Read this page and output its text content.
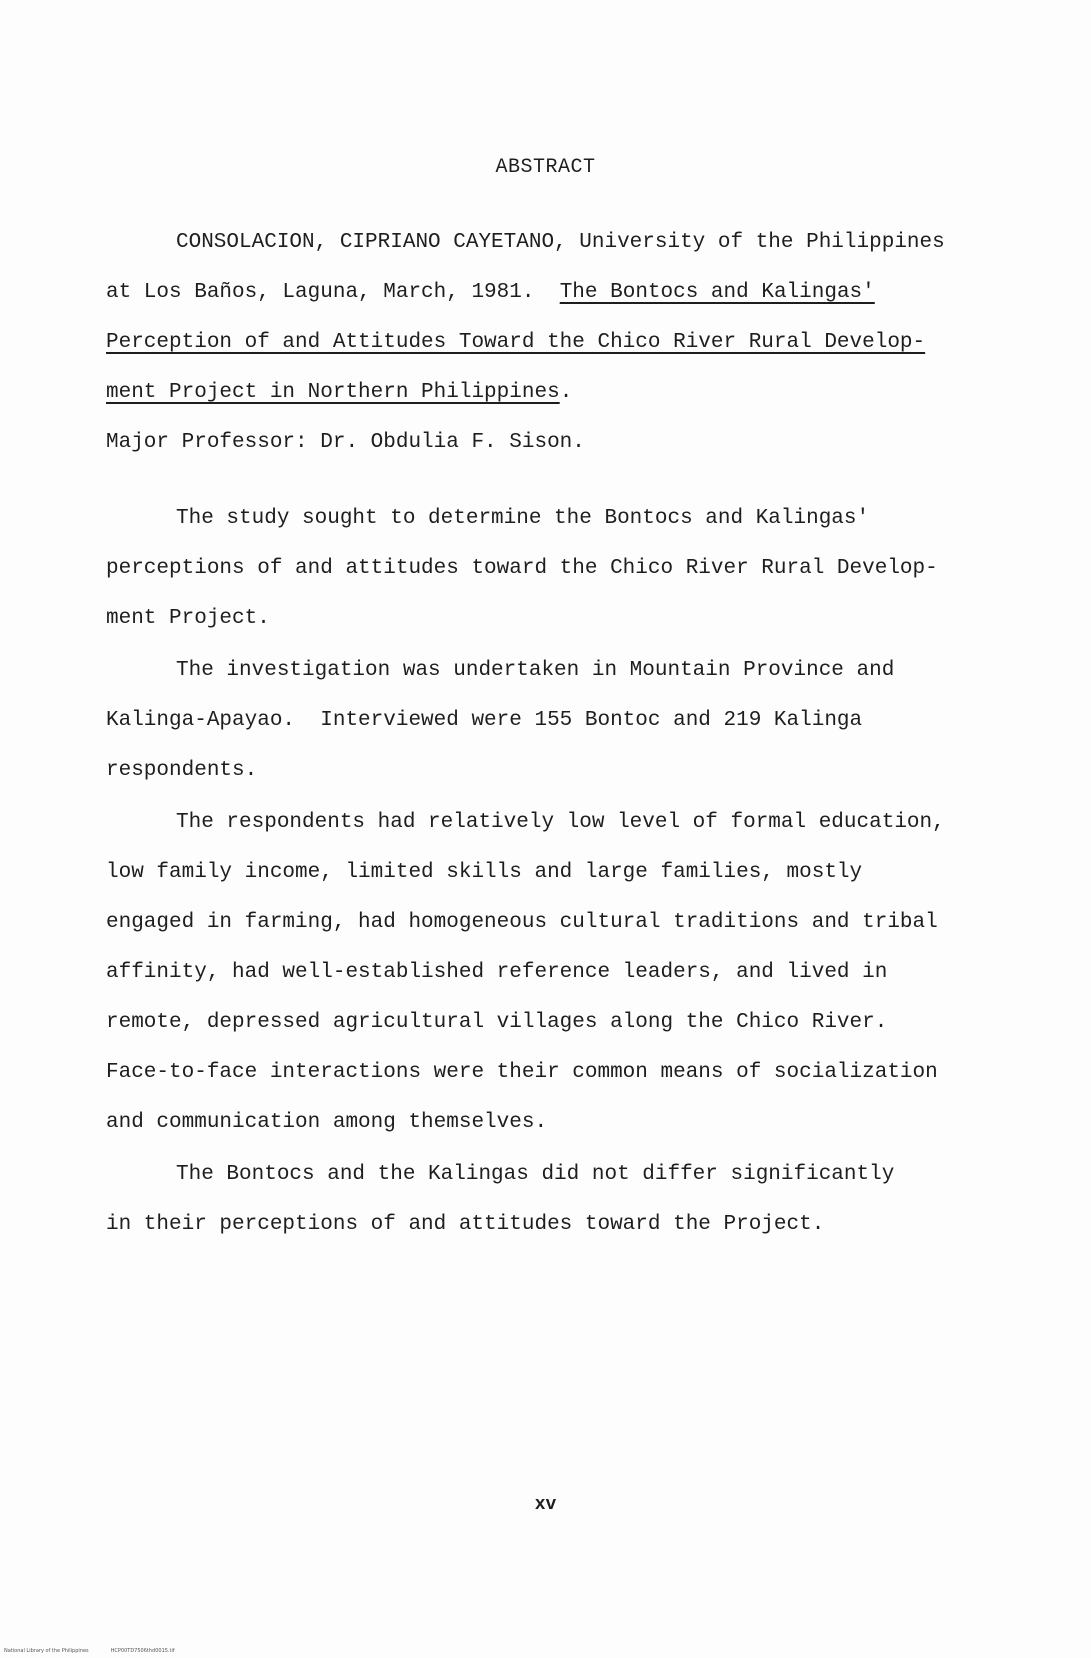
ABSTRACT
CONSOLACION, CIPRIANO CAYETANO, University of the Philippines
at Los Baños, Laguna, March, 1981. The Bontocs and Kalingas'
Perception of and Attitudes Toward the Chico River Rural Develop-
ment Project in Northern Philippines.
Major Professor: Dr. Obdulia F. Sison.
The study sought to determine the Bontocs and Kalingas'
perceptions of and attitudes toward the Chico River Rural Develop-
ment Project.
The investigation was undertaken in Mountain Province and
Kalinga-Apayao.  Interviewed were 155 Bontoc and 219 Kalinga
respondents.
The respondents had relatively low level of formal education,
low family income, limited skills and large families, mostly
engaged in farming, had homogeneous cultural traditions and tribal
affinity, had well-established reference leaders, and lived in
remote, depressed agricultural villages along the Chico River.
Face-to-face interactions were their common means of socialization
and communication among themselves.
The Bontocs and the Kalingas did not differ significantly
in their perceptions of and attitudes toward the Project.
xv
National Library of the Philippines	HCP00TD7506thd0015.tif
